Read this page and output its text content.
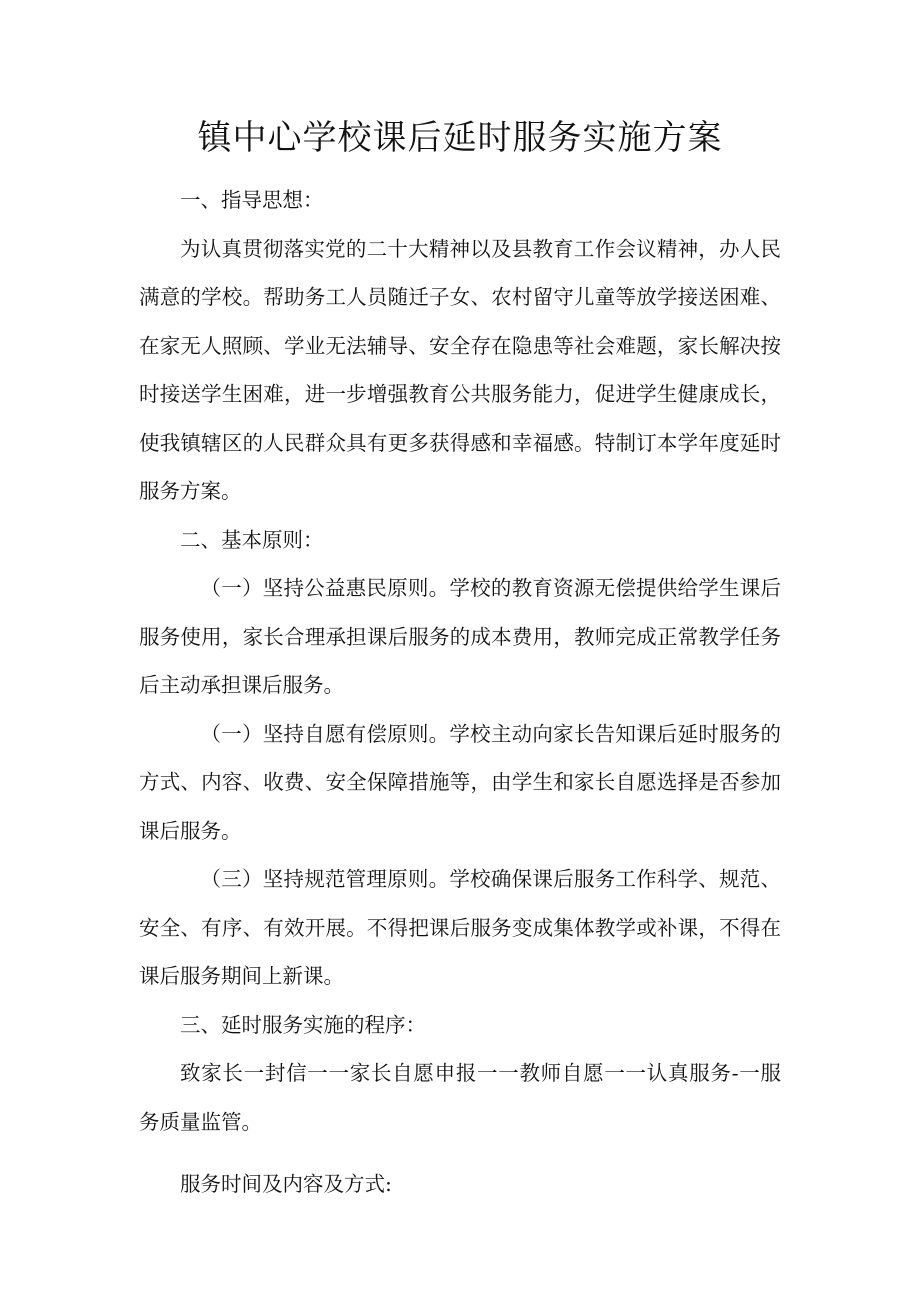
镇中心学校课后延时服务实施方案

一、指导思想：

为认真贯彻落实党的二十大精神以及县教育工作会议精神，办人民满意的学校。帮助务工人员随迁子女、农村留守儿童等放学接送困难、在家无人照顾、学业无法辅导、安全存在隐患等社会难题，家长解决按时接送学生困难，进一步增强教育公共服务能力，促进学生健康成长，使我镇辖区的人民群众具有更多获得感和幸福感。特制订本学年度延时服务方案。

二、基本原则：

（一）坚持公益惠民原则。学校的教育资源无偿提供给学生课后服务使用，家长合理承担课后服务的成本费用，教师完成正常教学任务后主动承担课后服务。

（一）坚持自愿有偿原则。学校主动向家长告知课后延时服务的方式、内容、收费、安全保障措施等，由学生和家长自愿选择是否参加课后服务。

（三）坚持规范管理原则。学校确保课后服务工作科学、规范、安全、有序、有效开展。不得把课后服务变成集体教学或补课，不得在课后服务期间上新课。

三、延时服务实施的程序：

致家长一封信一一家长自愿申报一一教师自愿一一认真服务-一服务质量监管。

服务时间及内容及方式:
